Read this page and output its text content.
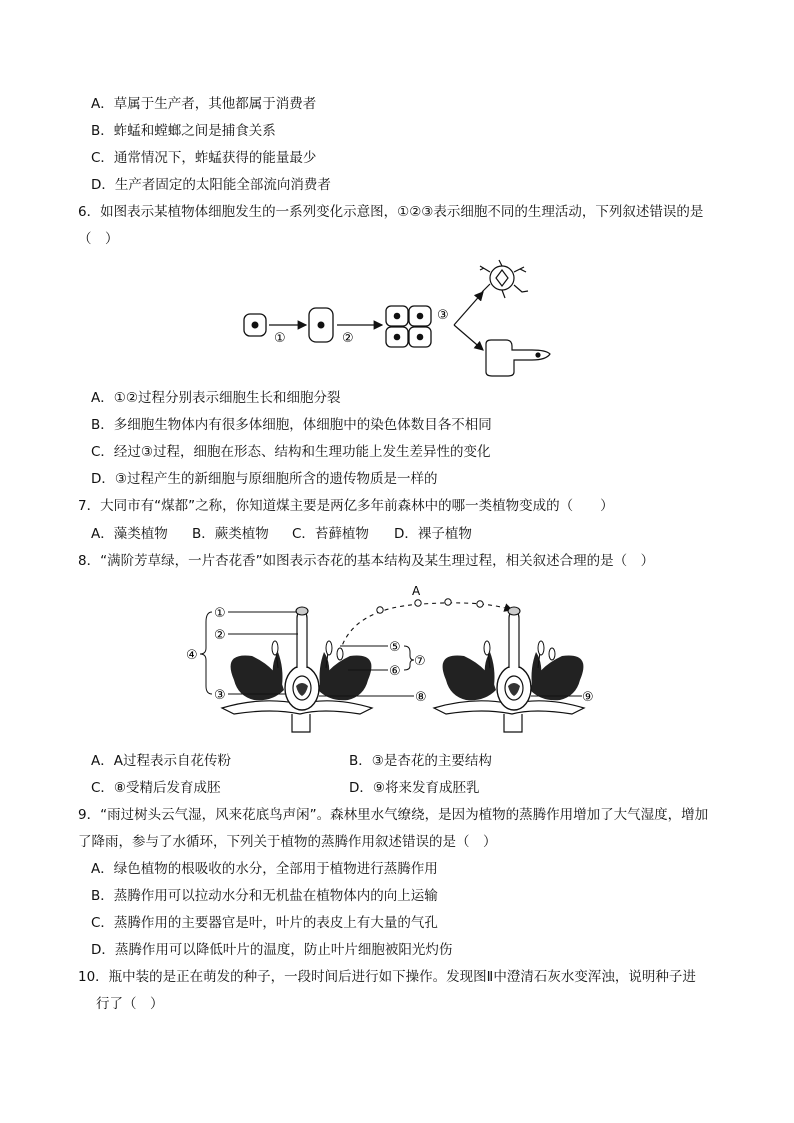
A．草属于生产者，其他都属于消费者
B．蚱蜢和螳螂之间是捕食关系
C．通常情况下，蚱蜢获得的能量最少
D．生产者固定的太阳能全部流向消费者
6．如图表示某植物体细胞发生的一系列变化示意图，①②③表示细胞不同的生理活动，下列叙述错误的是
（　）
①	②
③
A．①②过程分别表示细胞生长和细胞分裂
B．多细胞生物体内有很多体细胞，体细胞中的染色体数目各不相同
C．经过③过程，细胞在形态、结构和生理功能上发生差异性的变化
D．③过程产生的新细胞与原细胞所含的遗传物质是一样的
7．大同市有“煤都”之称，你知道煤主要是两亿多年前森林中的哪一类植物变成的（　　）
A．藻类植物 B．蕨类植物 C．苔藓植物 D．裸子植物
8．“满阶芳草绿，一片杏花香”如图表示杏花的基本结构及某生理过程，相关叙述合理的是（　）
A
①
②
③
④
⑤
⑥
⑦
⑧	⑨
A．A过程表示自花传粉	B．③是杏花的主要结构
C．⑧受精后发育成胚	D．⑨将来发育成胚乳
9．“雨过树头云气湿，风来花底鸟声闲”。森林里水气缭绕，是因为植物的蒸腾作用增加了大气湿度，增加
了降雨，参与了水循环，下列关于植物的蒸腾作用叙述错误的是（　）
A．绿色植物的根吸收的水分，全部用于植物进行蒸腾作用
B．蒸腾作用可以拉动水分和无机盐在植物体内的向上运输
C．蒸腾作用的主要器官是叶，叶片的表皮上有大量的气孔
D．蒸腾作用可以降低叶片的温度，防止叶片细胞被阳光灼伤
10．瓶中装的是正在萌发的种子，一段时间后进行如下操作。发现图Ⅱ中澄清石灰水变浑浊，说明种子进
行了（　）
